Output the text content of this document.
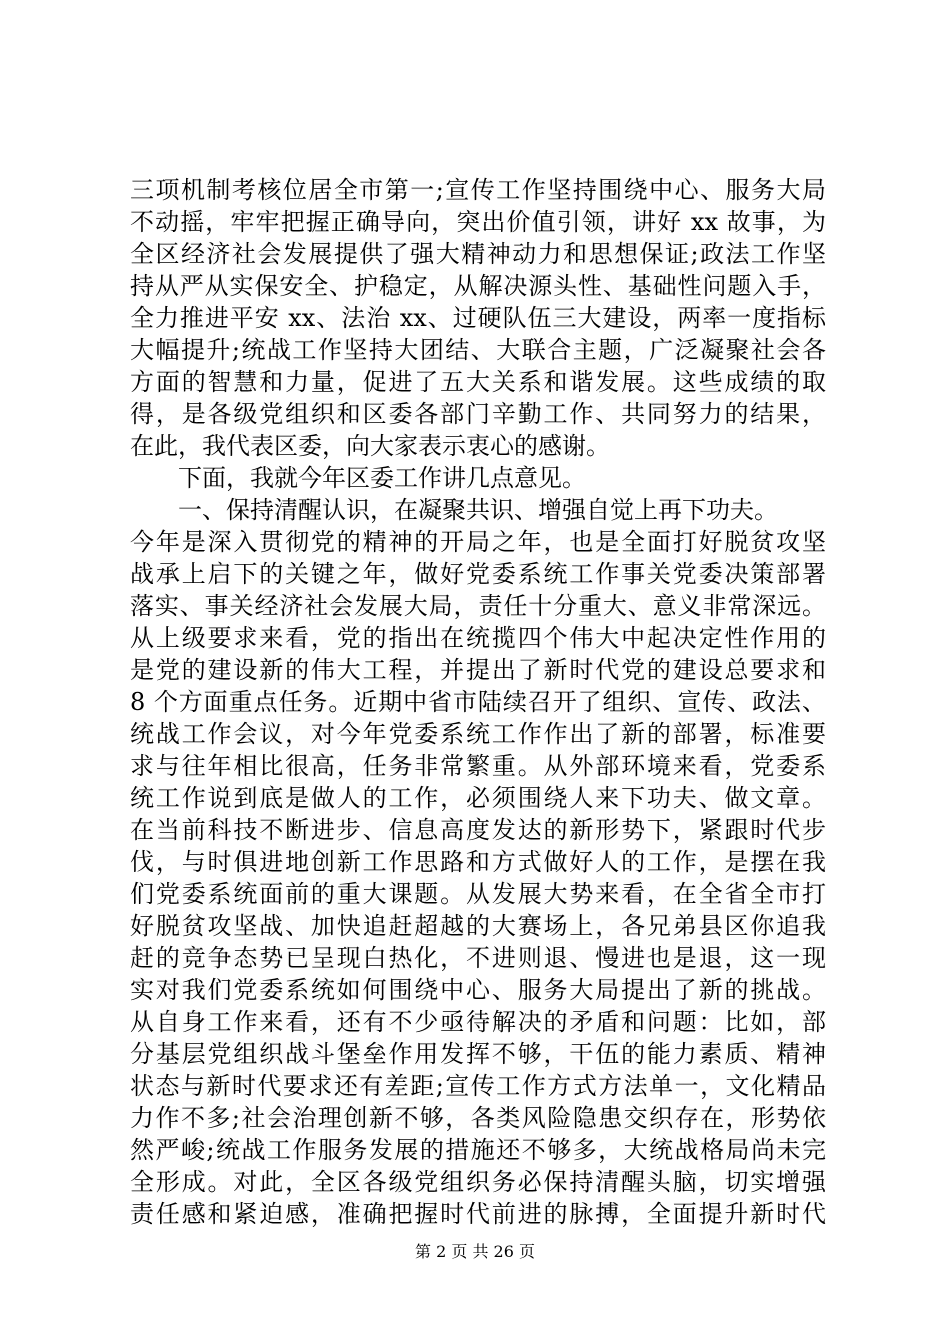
三项机制考核位居全市第一;宣传工作坚持围绕中心、服务大局
不动摇，牢牢把握正确导向，突出价值引领，讲好 xx 故事，为
全区经济社会发展提供了强大精神动力和思想保证;政法工作坚
持从严从实保安全、护稳定，从解决源头性、基础性问题入手，
全力推进平安 xx、法治 xx、过硬队伍三大建设，两率一度指标
大幅提升;统战工作坚持大团结、大联合主题，广泛凝聚社会各
方面的智慧和力量，促进了五大关系和谐发展。这些成绩的取
得，是各级党组织和区委各部门辛勤工作、共同努力的结果，
在此，我代表区委，向大家表示衷心的感谢。
下面，我就今年区委工作讲几点意见。
一、保持清醒认识，在凝聚共识、增强自觉上再下功夫。
今年是深入贯彻党的精神的开局之年，也是全面打好脱贫攻坚
战承上启下的关键之年，做好党委系统工作事关党委决策部署
落实、事关经济社会发展大局，责任十分重大、意义非常深远。
从上级要求来看，党的指出在统揽四个伟大中起决定性作用的
是党的建设新的伟大工程，并提出了新时代党的建设总要求和
8 个方面重点任务。近期中省市陆续召开了组织、宣传、政法、
统战工作会议，对今年党委系统工作作出了新的部署，标准要
求与往年相比很高，任务非常繁重。从外部环境来看，党委系
统工作说到底是做人的工作，必须围绕人来下功夫、做文章。
在当前科技不断进步、信息高度发达的新形势下，紧跟时代步
伐，与时俱进地创新工作思路和方式做好人的工作，是摆在我
们党委系统面前的重大课题。从发展大势来看，在全省全市打
好脱贫攻坚战、加快追赶超越的大赛场上，各兄弟县区你追我
赶的竞争态势已呈现白热化，不进则退、慢进也是退，这一现
实对我们党委系统如何围绕中心、服务大局提出了新的挑战。
从自身工作来看，还有不少亟待解决的矛盾和问题：比如，部
分基层党组织战斗堡垒作用发挥不够，干伍的能力素质、精神
状态与新时代要求还有差距;宣传工作方式方法单一，文化精品
力作不多;社会治理创新不够，各类风险隐患交织存在，形势依
然严峻;统战工作服务发展的措施还不够多，大统战格局尚未完
全形成。对此，全区各级党组织务必保持清醒头脑，切实增强
责任感和紧迫感，准确把握时代前进的脉搏，全面提升新时代
第 2 页 共 26 页
